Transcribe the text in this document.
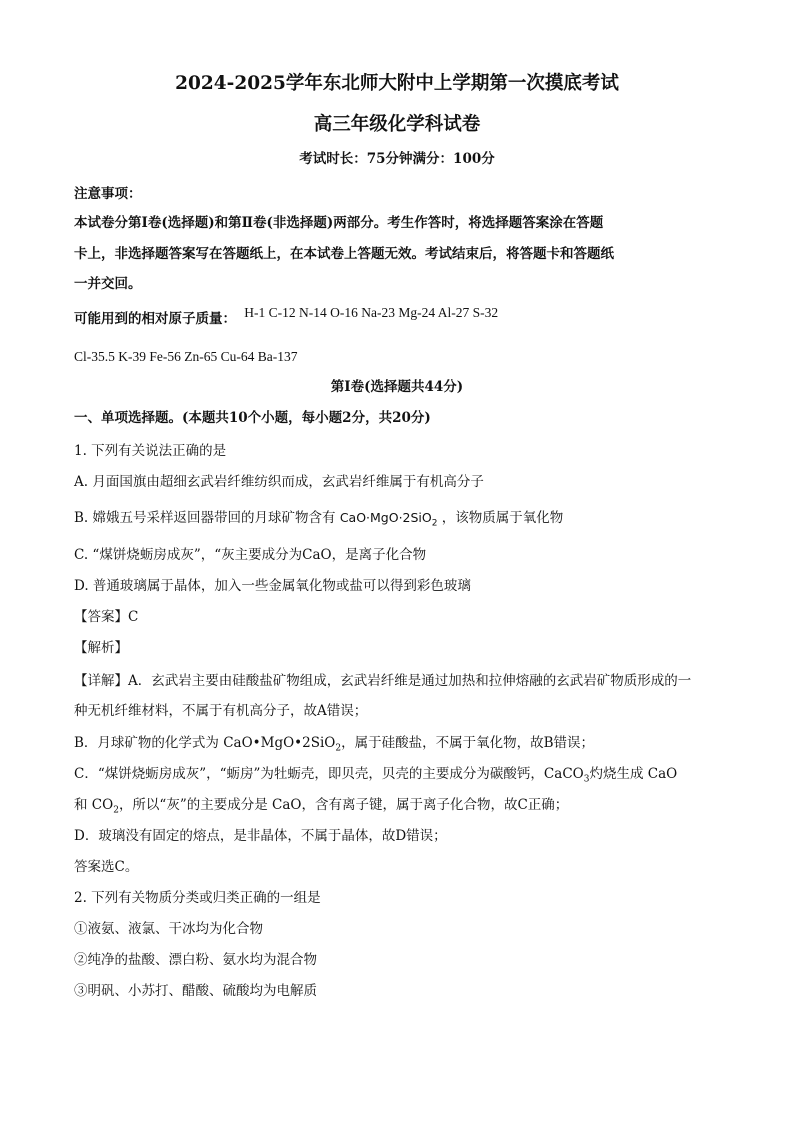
2024-2025学年东北师大附中上学期第一次摸底考试
高三年级化学科试卷
考试时长：75分钟满分：100分
注意事项：
本试卷分第Ⅰ卷(选择题)和第Ⅱ卷(非选择题)两部分。考生作答时，将选择题答案涂在答题
卡上，非选择题答案写在答题纸上，在本试卷上答题无效。考试结束后，将答题卡和答题纸
一并交回。
可能用到的相对原子质量： H-1 C-12 N-14 O-16 Na-23 Mg-24 Al-27 S-32
Cl-35.5 K-39 Fe-56 Zn-65 Cu-64 Ba-137
第Ⅰ卷(选择题共44分)
一、单项选择题。(本题共10个小题，每小题2分，共20分)
1. 下列有关说法正确的是
A. 月面国旗由超细玄武岩纤维纺织而成，玄武岩纤维属于有机高分子
B. 嫦娥五号采样返回器带回的月球矿物含有 CaO·MgO·2SiO$_2$ ，该物质属于氧化物
C. “煤饼烧蛎房成灰”，“灰主要成分为CaO，是离子化合物
D. 普通玻璃属于晶体，加入一些金属氧化物或盐可以得到彩色玻璃
【答案】C
【解析】
【详解】A．玄武岩主要由硅酸盐矿物组成，玄武岩纤维是通过加热和拉伸熔融的玄武岩矿物质形成的一
种无机纤维材料，不属于有机高分子，故A错误；
B．月球矿物的化学式为 CaO•MgO•2SiO$_2$，属于硅酸盐，不属于氧化物，故B错误；
C．“煤饼烧蛎房成灰”，“蛎房”为牡蛎壳，即贝壳，贝壳的主要成分为碳酸钙，CaCO$_3$灼烧生成 CaO
和 $CO_2$，所以“灰”的主要成分是 CaO，含有离子键，属于离子化合物，故C正确；
D．玻璃没有固定的熔点，是非晶体，不属于晶体，故D错误；
答案选C。
2. 下列有关物质分类或归类正确的一组是
①液氨、液氯、干冰均为化合物
②纯净的盐酸、漂白粉、氨水均为混合物
③明矾、小苏打、醋酸、硫酸均为电解质
